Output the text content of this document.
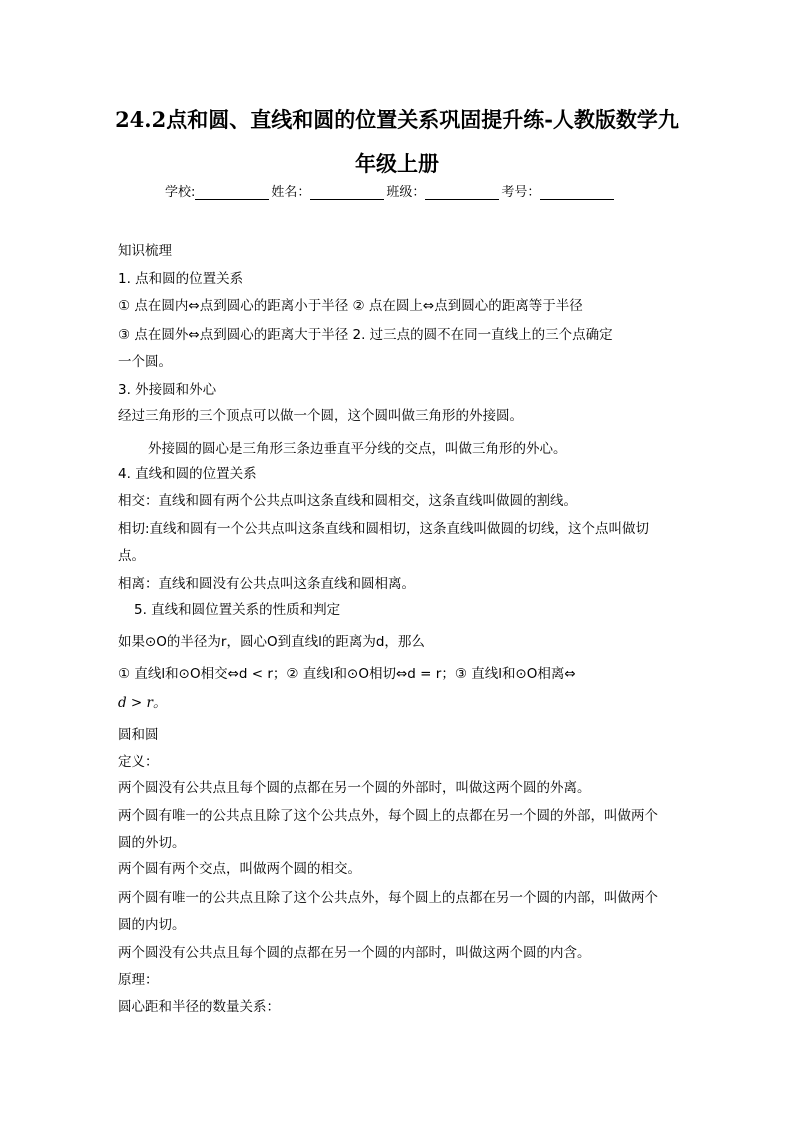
24.2点和圆、直线和圆的位置关系巩固提升练-人教版数学九
年级上册
学校:	姓名：	班级：	考号：
知识梳理
1. 点和圆的位置关系
① 点在圆内⇔点到圆心的距离小于半径 ② 点在圆上⇔点到圆心的距离等于半径
③ 点在圆外⇔点到圆心的距离大于半径 2. 过三点的圆不在同一直线上的三个点确定
一个圆。
3. 外接圆和外心
经过三角形的三个顶点可以做一个圆，这个圆叫做三角形的外接圆。
外接圆的圆心是三角形三条边垂直平分线的交点，叫做三角形的外心。
4. 直线和圆的位置关系
相交：直线和圆有两个公共点叫这条直线和圆相交，这条直线叫做圆的割线。
相切:直线和圆有一个公共点叫这条直线和圆相切，这条直线叫做圆的切线，这个点叫做切
点。
相离：直线和圆没有公共点叫这条直线和圆相离。
5. 直线和圆位置关系的性质和判定
如果⊙O的半径为r，圆心O到直线l的距离为d，那么
① 直线l和⊙O相交⇔d < r；② 直线l和⊙O相切⇔d = r；③ 直线l和⊙O相离⇔
d > r。
圆和圆
定义：
两个圆没有公共点且每个圆的点都在另一个圆的外部时，叫做这两个圆的外离。
两个圆有唯一的公共点且除了这个公共点外，每个圆上的点都在另一个圆的外部，叫做两个
圆的外切。
两个圆有两个交点，叫做两个圆的相交。
两个圆有唯一的公共点且除了这个公共点外，每个圆上的点都在另一个圆的内部，叫做两个
圆的内切。
两个圆没有公共点且每个圆的点都在另一个圆的内部时，叫做这两个圆的内含。
原理：
圆心距和半径的数量关系：
